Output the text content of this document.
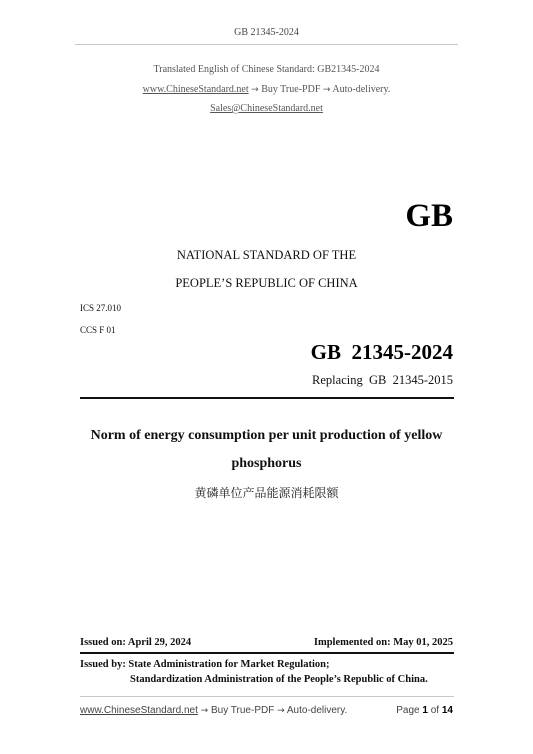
GB 21345-2024
Translated English of Chinese Standard: GB21345-2024
www.ChineseStandard.net → Buy True-PDF → Auto-delivery.
Sales@ChineseStandard.net
GB
NATIONAL STANDARD OF THE
PEOPLE’S REPUBLIC OF CHINA
ICS 27.010
CCS F 01
GB  21345-2024
Replacing  GB  21345-2015
Norm of energy consumption per unit production of yellow
phosphorus
黄磷单位产品能源消耗限额
Issued on: April 29, 2024	Implemented on: May 01, 2025
Issued by: State Administration for Market Regulation;
Standardization Administration of the People’s Republic of China.
www.ChineseStandard.net → Buy True-PDF → Auto-delivery.	Page 1 of 14
